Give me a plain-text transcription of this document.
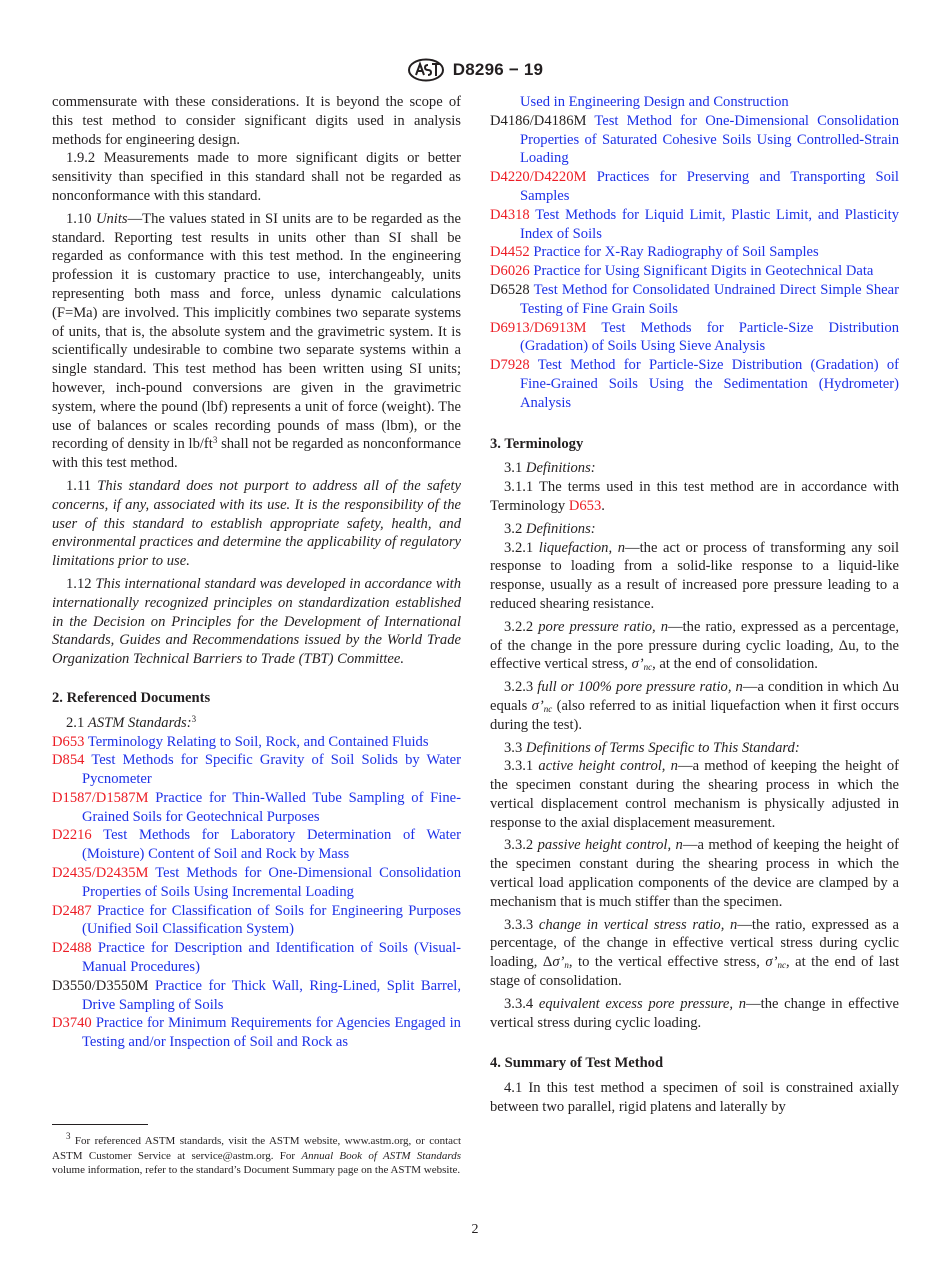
D8296 − 19

commensurate with these considerations. It is beyond the scope of this test method to consider significant digits used in analysis methods for engineering design.

1.9.2 Measurements made to more significant digits or better sensitivity than specified in this standard shall not be regarded as nonconformance with this standard.

1.10 Units—The values stated in SI units are to be regarded as the standard. Reporting test results in units other than SI shall be regarded as conformance with this test method. In the engineering profession it is customary practice to use, interchangeably, units representing both mass and force, unless dynamic calculations (F=Ma) are involved. This implicitly combines two separate systems of units, that is, the absolute system and the gravimetric system. It is scientifically undesirable to combine two separate systems within a single standard. This test method has been written using SI units; however, inch-pound conversions are given in the gravimetric system, where the pound (lbf) represents a unit of force (weight). The use of balances or scales recording pounds of mass (lbm), or the recording of density in $lb/ft^3$ shall not be regarded as nonconformance with this test method.

1.11 This standard does not purport to address all of the safety concerns, if any, associated with its use. It is the responsibility of the user of this standard to establish appropriate safety, health, and environmental practices and determine the applicability of regulatory limitations prior to use.

1.12 This international standard was developed in accordance with internationally recognized principles on standardization established in the Decision on Principles for the Development of International Standards, Guides and Recommendations issued by the World Trade Organization Technical Barriers to Trade (TBT) Committee.

2. Referenced Documents

2.1 ASTM Standards:$^3$

D653 Terminology Relating to Soil, Rock, and Contained Fluids

D854 Test Methods for Specific Gravity of Soil Solids by Water Pycnometer

D1587/D1587M Practice for Thin-Walled Tube Sampling of Fine-Grained Soils for Geotechnical Purposes

D2216 Test Methods for Laboratory Determination of Water (Moisture) Content of Soil and Rock by Mass

D2435/D2435M Test Methods for One-Dimensional Consolidation Properties of Soils Using Incremental Loading

D2487 Practice for Classification of Soils for Engineering Purposes (Unified Soil Classification System)

D2488 Practice for Description and Identification of Soils (Visual-Manual Procedures)

D3550/D3550M Practice for Thick Wall, Ring-Lined, Split Barrel, Drive Sampling of Soils

D3740 Practice for Minimum Requirements for Agencies Engaged in Testing and/or Inspection of Soil and Rock as

$^3$ For referenced ASTM standards, visit the ASTM website, www.astm.org, or contact ASTM Customer Service at service@astm.org. For Annual Book of ASTM Standards volume information, refer to the standard’s Document Summary page on the ASTM website.

Used in Engineering Design and Construction

D4186/D4186M Test Method for One-Dimensional Consolidation Properties of Saturated Cohesive Soils Using Controlled-Strain Loading

D4220/D4220M Practices for Preserving and Transporting Soil Samples

D4318 Test Methods for Liquid Limit, Plastic Limit, and Plasticity Index of Soils

D4452 Practice for X-Ray Radiography of Soil Samples

D6026 Practice for Using Significant Digits in Geotechnical Data

D6528 Test Method for Consolidated Undrained Direct Simple Shear Testing of Fine Grain Soils

D6913/D6913M Test Methods for Particle-Size Distribution (Gradation) of Soils Using Sieve Analysis

D7928 Test Method for Particle-Size Distribution (Gradation) of Fine-Grained Soils Using the Sedimentation (Hydrometer) Analysis

3. Terminology

3.1 Definitions:

3.1.1 The terms used in this test method are in accordance with Terminology D653.

3.2 Definitions:

3.2.1 liquefaction, n—the act or process of transforming any soil response to loading from a solid-like response to a liquid-like response, usually as a result of increased pore pressure leading to a reduced shearing resistance.

3.2.2 pore pressure ratio, n—the ratio, expressed as a percentage, of the change in the pore pressure during cyclic loading, Δu, to the effective vertical stress, $\sigma’_{nc}$, at the end of consolidation.

3.2.3 full or 100% pore pressure ratio, n—a condition in which Δu equals $\sigma’_{nc}$ (also referred to as initial liquefaction when it first occurs during the test).

3.3 Definitions of Terms Specific to This Standard:

3.3.1 active height control, n—a method of keeping the height of the specimen constant during the shearing process in which the vertical displacement control mechanism is physically adjusted in response to the axial displacement measurement.

3.3.2 passive height control, n—a method of keeping the height of the specimen constant during the shearing process in which the vertical load application components of the device are clamped by a mechanism that is much stiffer than the specimen.

3.3.3 change in vertical stress ratio, n—the ratio, expressed as a percentage, of the change in effective vertical stress during cyclic loading, $\Delta\sigma’_n$, to the vertical effective stress, $\sigma’_{nc}$, at the end of last stage of consolidation.

3.3.4 equivalent excess pore pressure, n—the change in effective vertical stress during cyclic loading.

4. Summary of Test Method

4.1 In this test method a specimen of soil is constrained axially between two parallel, rigid platens and laterally by

2
